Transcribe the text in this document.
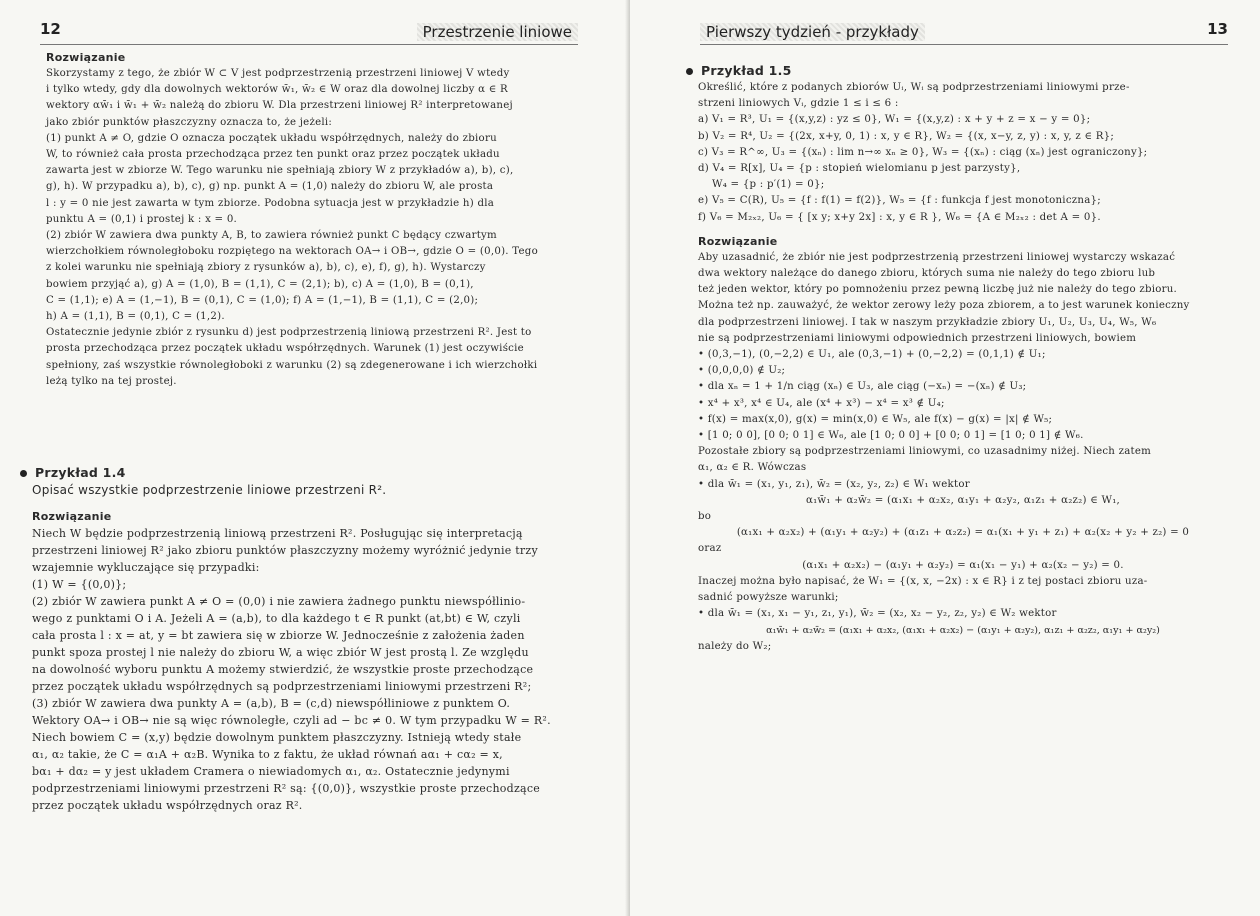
12	Przestrzenie liniowe

Rozwiązanie

Skorzystamy z tego, że zbiór W ⊂ V jest podprzestrzenią przestrzeni liniowej V wtedy

i tylko wtedy, gdy dla dowolnych wektorów w̄₁, w̄₂ ∈ W oraz dla dowolnej liczby α ∈ R

wektory αw̄₁ i w̄₁ + w̄₂ należą do zbioru W. Dla przestrzeni liniowej R² interpretowanej

jako zbiór punktów płaszczyzny oznacza to, że jeżeli:

(1) punkt A ≠ O, gdzie O oznacza początek układu współrzędnych, należy do zbioru

W, to również cała prosta przechodząca przez ten punkt oraz przez początek układu

zawarta jest w zbiorze W. Tego warunku nie spełniają zbiory W z przykładów a), b), c),

g), h). W przypadku a), b), c), g) np. punkt A = (1,0) należy do zbioru W, ale prosta

l : y = 0 nie jest zawarta w tym zbiorze. Podobna sytuacja jest w przykładzie h) dla

punktu A = (0,1) i prostej k : x = 0.

(2) zbiór W zawiera dwa punkty A, B, to zawiera również punkt C będący czwartym

wierzchołkiem równoległoboku rozpiętego na wektorach OA→ i OB→, gdzie O = (0,0). Tego

z kolei warunku nie spełniają zbiory z rysunków a), b), c), e), f), g), h). Wystarczy

bowiem przyjąć a), g) A = (1,0), B = (1,1), C = (2,1); b), c) A = (1,0), B = (0,1),

C = (1,1); e) A = (1,−1), B = (0,1), C = (1,0); f) A = (1,−1), B = (1,1), C = (2,0);

h) A = (1,1), B = (0,1), C = (1,2).

Ostatecznie jedynie zbiór z rysunku d) jest podprzestrzenią liniową przestrzeni R². Jest to

prosta przechodząca przez początek układu współrzędnych. Warunek (1) jest oczywiście

spełniony, zaś wszystkie równoległoboki z warunku (2) są zdegenerowane i ich wierzchołki

leżą tylko na tej prostej.

Przykład 1.4

Opisać wszystkie podprzestrzenie liniowe przestrzeni R².

Rozwiązanie

Niech W będzie podprzestrzenią liniową przestrzeni R². Posługując się interpretacją

przestrzeni liniowej R² jako zbioru punktów płaszczyzny możemy wyróżnić jedynie trzy

wzajemnie wykluczające się przypadki:

(1) W = {(0,0)};

(2) zbiór W zawiera punkt A ≠ O = (0,0) i nie zawiera żadnego punktu niewspółlinio-

wego z punktami O i A. Jeżeli A = (a,b), to dla każdego t ∈ R punkt (at,bt) ∈ W, czyli

cała prosta l : x = at, y = bt zawiera się w zbiorze W. Jednocześnie z założenia żaden

punkt spoza prostej l nie należy do zbioru W, a więc zbiór W jest prostą l. Ze względu

na dowolność wyboru punktu A możemy stwierdzić, że wszystkie proste przechodzące

przez początek układu współrzędnych są podprzestrzeniami liniowymi przestrzeni R²;

(3) zbiór W zawiera dwa punkty A = (a,b), B = (c,d) niewspółliniowe z punktem O.

Wektory OA→ i OB→ nie są więc równoległe, czyli ad − bc ≠ 0. W tym przypadku W = R².

Niech bowiem C = (x,y) będzie dowolnym punktem płaszczyzny. Istnieją wtedy stałe

α₁, α₂ takie, że C = α₁A + α₂B. Wynika to z faktu, że układ równań aα₁ + cα₂ = x,

bα₁ + dα₂ = y jest układem Cramera o niewiadomych α₁, α₂. Ostatecznie jedynymi

podprzestrzeniami liniowymi przestrzeni R² są: {(0,0)}, wszystkie proste przechodzące

przez początek układu współrzędnych oraz R².

Pierwszy tydzień - przykłady	13

Przykład 1.5

Określić, które z podanych zbiorów Uᵢ, Wᵢ są podprzestrzeniami liniowymi prze-

strzeni liniowych Vᵢ, gdzie 1 ≤ i ≤ 6 :

a) V₁ = R³, U₁ = {(x,y,z) : yz ≤ 0}, W₁ = {(x,y,z) : x + y + z = x − y = 0};

b) V₂ = R⁴, U₂ = {(2x, x+y, 0, 1) : x, y ∈ R}, W₂ = {(x, x−y, z, y) : x, y, z ∈ R};

c) V₃ = R^∞, U₃ = {(xₙ) : lim n→∞ xₙ ≥ 0}, W₃ = {(xₙ) : ciąg (xₙ) jest ograniczony};

d) V₄ = R[x], U₄ = {p : stopień wielomianu p jest parzysty},

W₄ = {p : p′(1) = 0};

e) V₅ = C(R), U₅ = {f : f(1) = f(2)}, W₅ = {f : funkcja f jest monotoniczna};

f) V₆ = M₂ₓ₂, U₆ = { [x y; x+y 2x] : x, y ∈ R }, W₆ = {A ∈ M₂ₓ₂ : det A = 0}.

Rozwiązanie

Aby uzasadnić, że zbiór nie jest podprzestrzenią przestrzeni liniowej wystarczy wskazać

dwa wektory należące do danego zbioru, których suma nie należy do tego zbioru lub

też jeden wektor, który po pomnożeniu przez pewną liczbę już nie należy do tego zbioru.

Można też np. zauważyć, że wektor zerowy leży poza zbiorem, a to jest warunek konieczny

dla podprzestrzeni liniowej. I tak w naszym przykładzie zbiory U₁, U₂, U₃, U₄, W₅, W₆

nie są podprzestrzeniami liniowymi odpowiednich przestrzeni liniowych, bowiem

• (0,3,−1), (0,−2,2) ∈ U₁, ale (0,3,−1) + (0,−2,2) = (0,1,1) ∉ U₁;

• (0,0,0,0) ∉ U₂;

• dla xₙ = 1 + 1/n ciąg (xₙ) ∈ U₃, ale ciąg (−xₙ) = −(xₙ) ∉ U₃;

• x⁴ + x³, x⁴ ∈ U₄, ale (x⁴ + x³) − x⁴ = x³ ∉ U₄;

• f(x) = max(x,0), g(x) = min(x,0) ∈ W₅, ale f(x) − g(x) = |x| ∉ W₅;

• [1 0; 0 0], [0 0; 0 1] ∈ W₆, ale [1 0; 0 0] + [0 0; 0 1] = [1 0; 0 1] ∉ W₆.

Pozostałe zbiory są podprzestrzeniami liniowymi, co uzasadnimy niżej. Niech zatem

α₁, α₂ ∈ R. Wówczas

• dla w̄₁ = (x₁, y₁, z₁), w̄₂ = (x₂, y₂, z₂) ∈ W₁ wektor

α₁w̄₁ + α₂w̄₂ = (α₁x₁ + α₂x₂, α₁y₁ + α₂y₂, α₁z₁ + α₂z₂) ∈ W₁,

bo

(α₁x₁ + α₂x₂) + (α₁y₁ + α₂y₂) + (α₁z₁ + α₂z₂) = α₁(x₁ + y₁ + z₁) + α₂(x₂ + y₂ + z₂) = 0

oraz

(α₁x₁ + α₂x₂) − (α₁y₁ + α₂y₂) = α₁(x₁ − y₁) + α₂(x₂ − y₂) = 0.

Inaczej można było napisać, że W₁ = {(x, x, −2x) : x ∈ R} i z tej postaci zbioru uza-

sadnić powyższe warunki;

• dla w̄₁ = (x₁, x₁ − y₁, z₁, y₁), w̄₂ = (x₂, x₂ − y₂, z₂, y₂) ∈ W₂ wektor

α₁w̄₁ + α₂w̄₂ = (α₁x₁ + α₂x₂, (α₁x₁ + α₂x₂) − (α₁y₁ + α₂y₂), α₁z₁ + α₂z₂, α₁y₁ + α₂y₂)

należy do W₂;
